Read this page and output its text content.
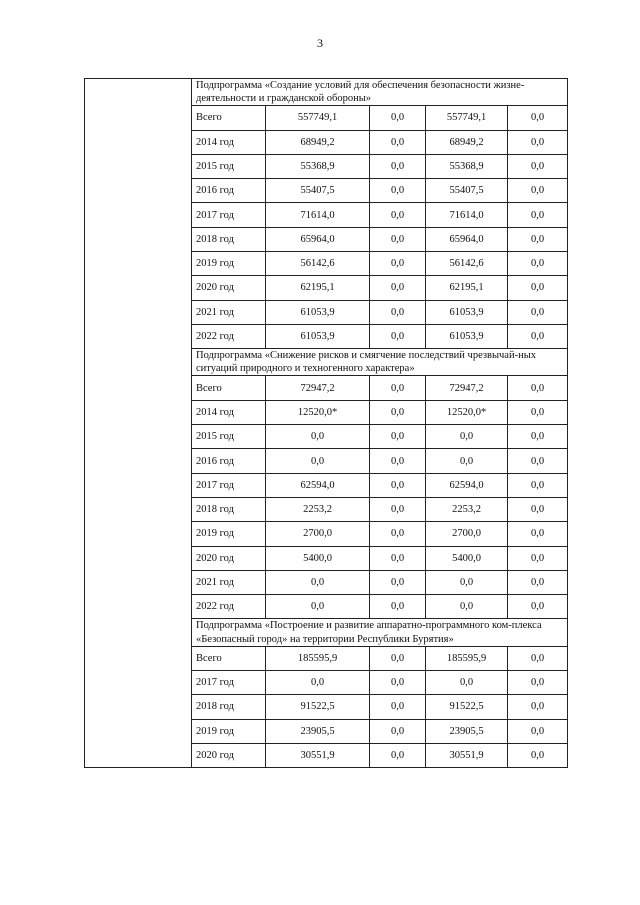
3
	Подпрограмма «Создание условий для обеспечения безопасности жизне-деятельности и гражданской обороны»				
	Всего	557749,1	0,0	557749,1	0,0
	2014 год	68949,2	0,0	68949,2	0,0
	2015 год	55368,9	0,0	55368,9	0,0
	2016 год	55407,5	0,0	55407,5	0,0
	2017 год	71614,0	0,0	71614,0	0,0
	2018 год	65964,0	0,0	65964,0	0,0
	2019 год	56142,6	0,0	56142,6	0,0
	2020 год	62195,1	0,0	62195,1	0,0
	2021 год	61053,9	0,0	61053,9	0,0
	2022 год	61053,9	0,0	61053,9	0,0
	Подпрограмма «Снижение рисков и смягчение последствий чрезвычай-ных ситуаций природного и техногенного характера»				
	Всего	72947,2	0,0	72947,2	0,0
	2014 год	12520,0*	0,0	12520,0*	0,0
	2015 год	0,0	0,0	0,0	0,0
	2016 год	0,0	0,0	0,0	0,0
	2017 год	62594,0	0,0	62594,0	0,0
	2018 год	2253,2	0,0	2253,2	0,0
	2019 год	2700,0	0,0	2700,0	0,0
	2020 год	5400,0	0,0	5400,0	0,0
	2021 год	0,0	0,0	0,0	0,0
	2022 год	0,0	0,0	0,0	0,0
	Подпрограмма «Построение и развитие аппаратно-программного ком-плекса «Безопасный город» на территории Республики Бурятия»				
	Всего	185595,9	0,0	185595,9	0,0
	2017 год	0,0	0,0	0,0	0,0
	2018 год	91522,5	0,0	91522,5	0,0
	2019 год	23905,5	0,0	23905,5	0,0
	2020 год	30551,9	0,0	30551,9	0,0
